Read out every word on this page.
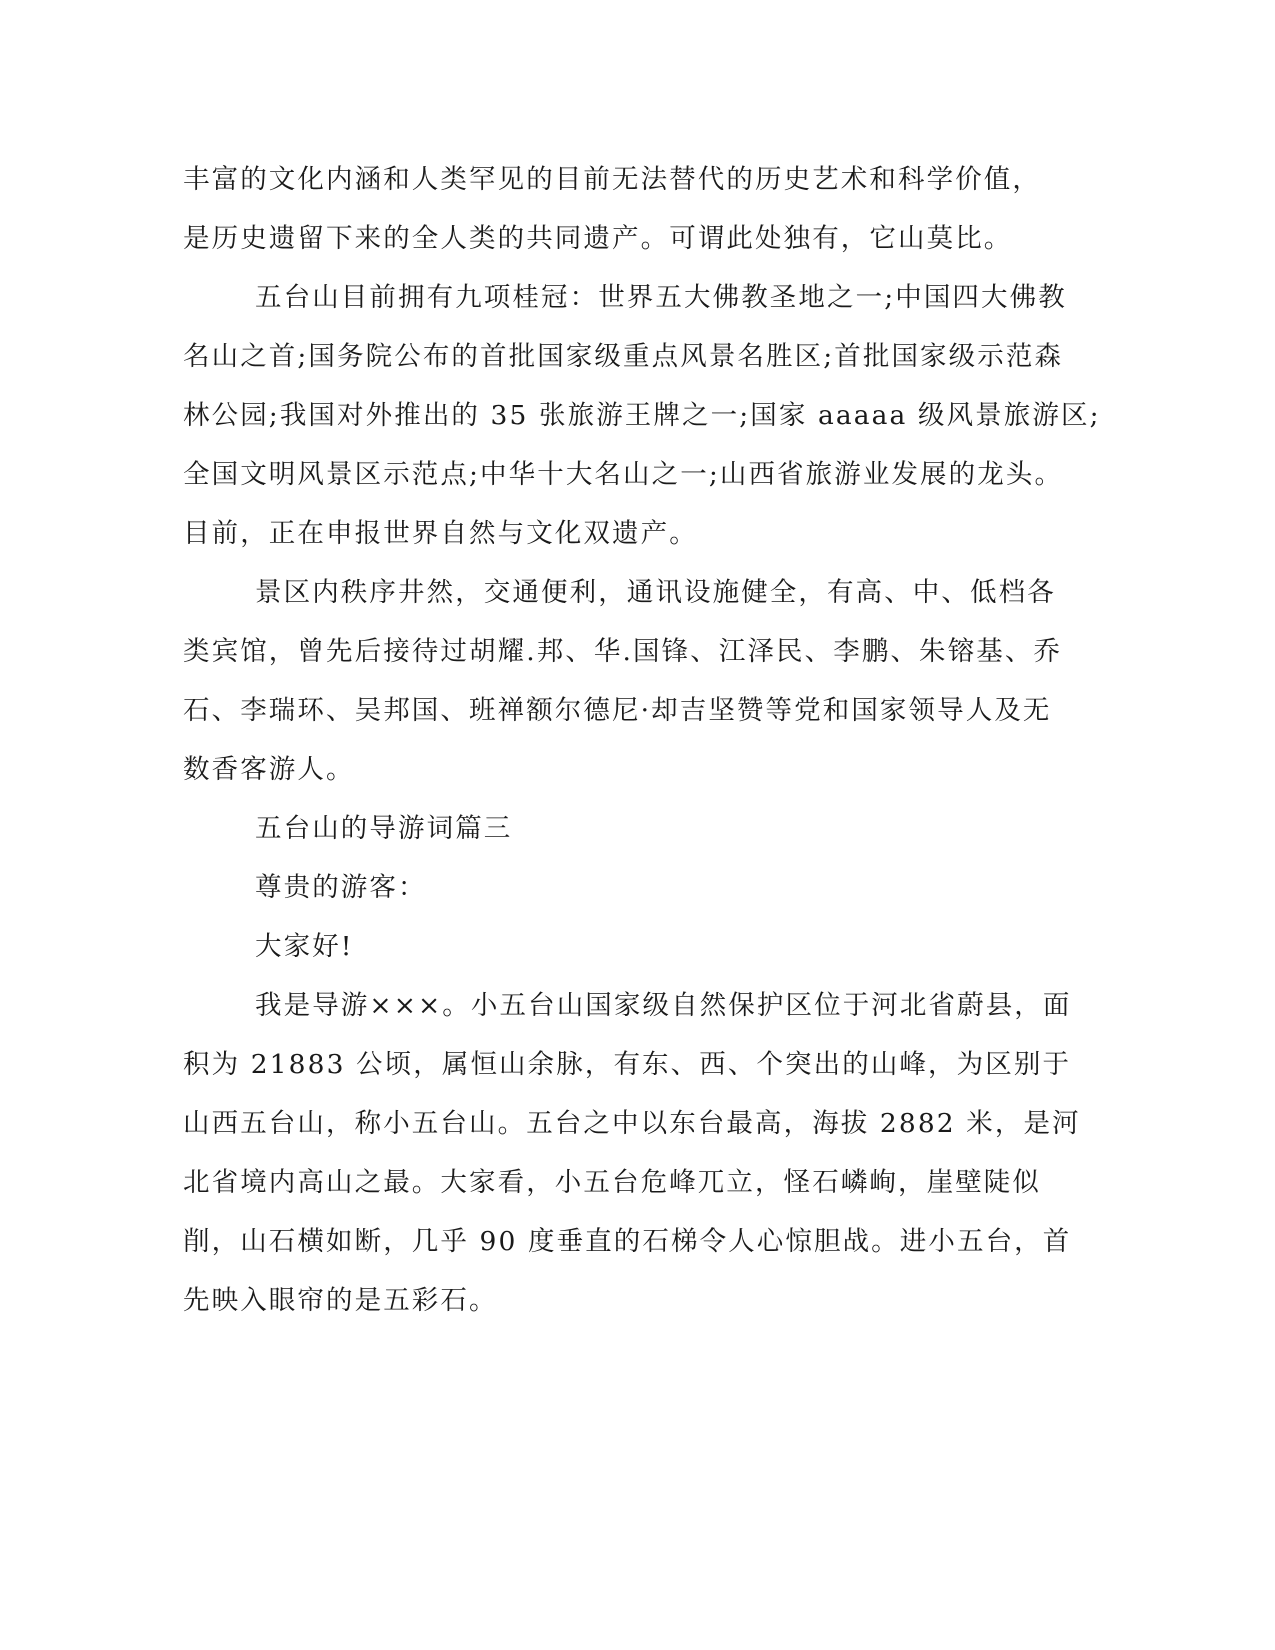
丰富的文化内涵和人类罕见的目前无法替代的历史艺术和科学价值，
是历史遗留下来的全人类的共同遗产。可谓此处独有，它山莫比。
五台山目前拥有九项桂冠：世界五大佛教圣地之一;中国四大佛教
名山之首;国务院公布的首批国家级重点风景名胜区;首批国家级示范森
林公园;我国对外推出的 35 张旅游王牌之一;国家 aaaaa 级风景旅游区;
全国文明风景区示范点;中华十大名山之一;山西省旅游业发展的龙头。
目前，正在申报世界自然与文化双遗产。
景区内秩序井然，交通便利，通讯设施健全，有高、中、低档各
类宾馆，曾先后接待过胡耀.邦、华.国锋、江泽民、李鹏、朱镕基、乔
石、李瑞环、吴邦国、班禅额尔德尼·却吉坚赞等党和国家领导人及无
数香客游人。
五台山的导游词篇三
尊贵的游客：
大家好!
我是导游×××。小五台山国家级自然保护区位于河北省蔚县，面
积为 21883 公顷，属恒山余脉，有东、西、个突出的山峰，为区别于
山西五台山，称小五台山。五台之中以东台最高，海拔 2882 米，是河
北省境内高山之最。大家看，小五台危峰兀立，怪石嶙峋，崖壁陡似
削，山石横如断，几乎 90 度垂直的石梯令人心惊胆战。进小五台，首
先映入眼帘的是五彩石。
